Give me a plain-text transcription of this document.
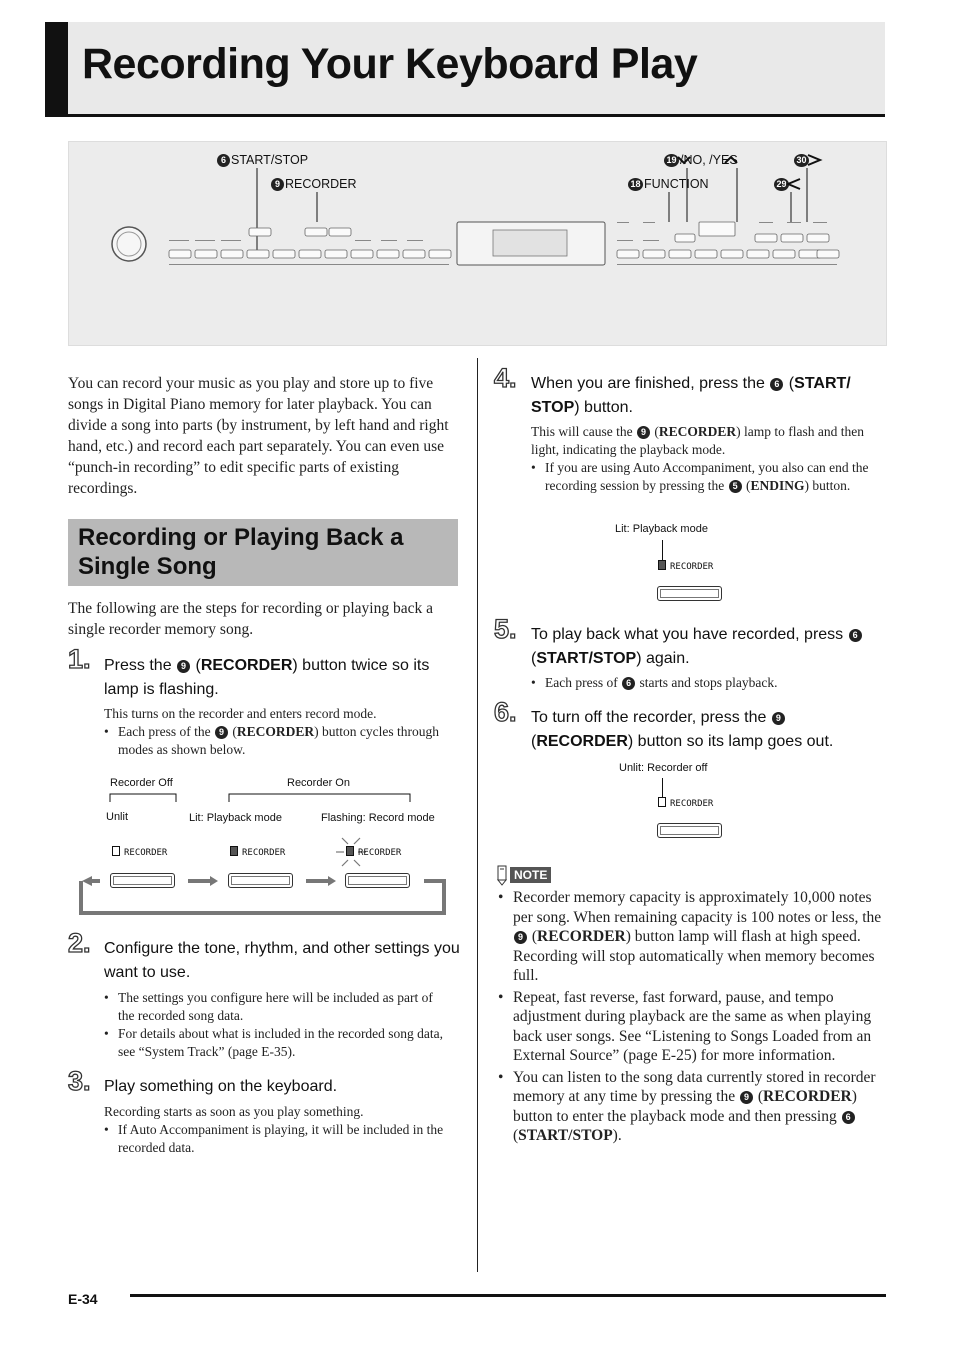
Recording Your Keyboard Play
6 START/STOP
9 RECORDER
19 /NO, /YES
18 FUNCTION
30
29
You can record your music as you play and store up to five songs in Digital Piano memory for later playback. You can divide a song into parts (by instrument, by left hand and right hand, etc.) and record each part separately. You can even use “punch-in recording” to edit specific parts of existing recordings.
Recording or Playing Back a
Single Song
The following are the steps for recording or playing back a single recorder memory song.
1. Press the 9 (RECORDER) button twice so its lamp is flashing.
This turns on the recorder and enters record mode.
• Each press of the 9 (RECORDER) button cycles through modes as shown below.
Recorder Off	Recorder On
Unlit	Lit: Playback mode	Flashing: Record mode
RECORDER	RECORDER	RECORDER
2. Configure the tone, rhythm, and other settings you want to use.
• The settings you configure here will be included as part of the recorded song data.
• For details about what is included in the recorded song data, see “System Track” (page E-35).
3. Play something on the keyboard.
Recording starts as soon as you play something.
• If Auto Accompaniment is playing, it will be included in the recorded data.
4. When you are finished, press the 6 (START/ STOP) button.
This will cause the 9 (RECORDER) lamp to flash and then light, indicating the playback mode.
• If you are using Auto Accompaniment, you also can end the recording session by pressing the 5 (ENDING) button.
Lit: Playback mode
RECORDER
5. To play back what you have recorded, press 6 (START/STOP) again.
• Each press of 6 starts and stops playback.
6. To turn off the recorder, press the 9 (RECORDER) button so its lamp goes out.
Unlit: Recorder off
RECORDER
NOTE
• Recorder memory capacity is approximately 10,000 notes per song. When remaining capacity is 100 notes or less, the 9 (RECORDER) button lamp will flash at high speed. Recording will stop automatically when memory becomes full.
• Repeat, fast reverse, fast forward, pause, and tempo adjustment during playback are the same as when playing back user songs. See “Listening to Songs Loaded from an External Source” (page E-25) for more information.
• You can listen to the song data currently stored in recorder memory at any time by pressing the 9 (RECORDER) button to enter the playback mode and then pressing 6 (START/STOP).
E-34
